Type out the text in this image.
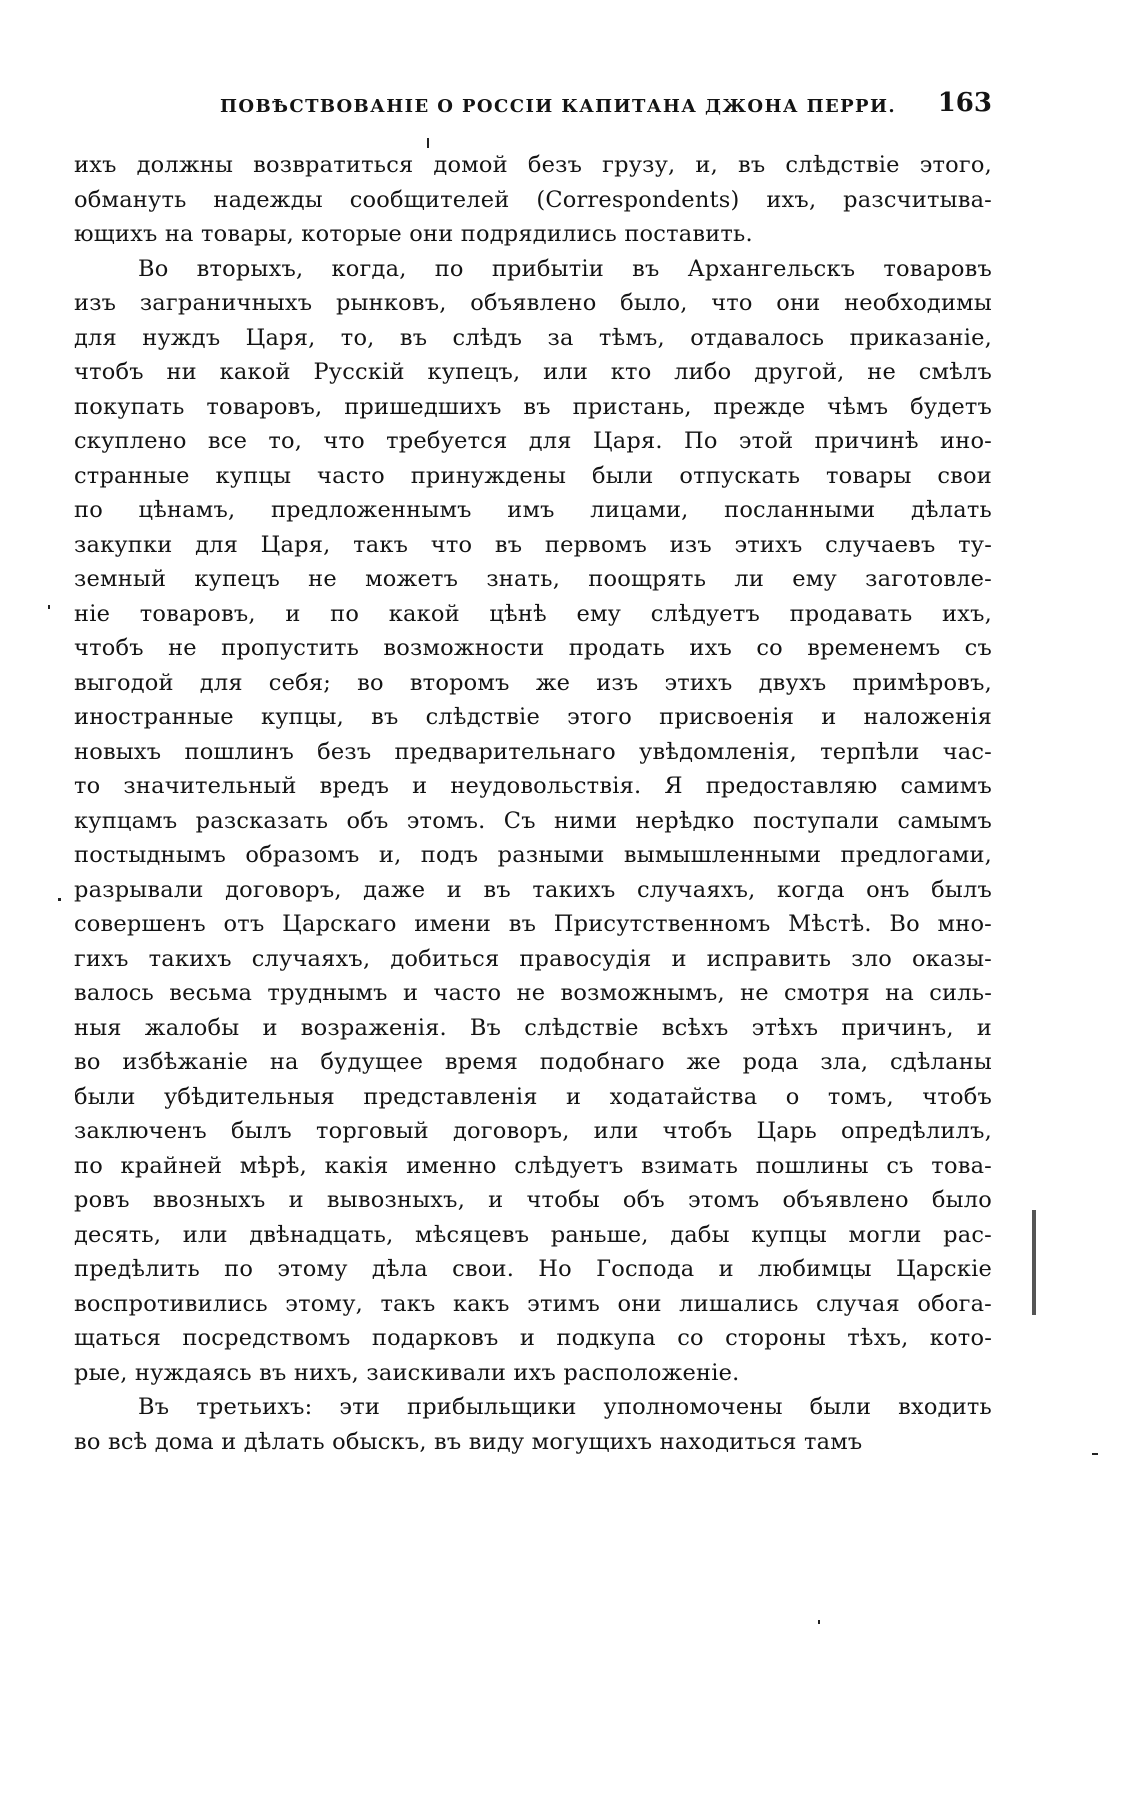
ПОВѢСТВОВАНІЕ О РОССІИ КАПИТАНА ДЖОНА ПЕРРИ. 163
ихъ должны возвратиться домой безъ грузу, и, въ слѣдствіе этого,
обмануть надежды сообщителей (Correspondents) ихъ, разсчитыва-
ющихъ на товары, которые они подрядились поставить.
Во вторыхъ, когда, по прибытіи въ Архангельскъ товаровъ
изъ заграничныхъ рынковъ, объявлено было, что они необходимы
для нуждъ Царя, то, въ слѣдъ за тѣмъ, отдавалось приказаніе,
чтобъ ни какой Русскій купецъ, или кто либо другой, не смѣлъ
покупать товаровъ, пришедшихъ въ пристань, прежде чѣмъ будетъ
скуплено все то, что требуется для Царя. По этой причинѣ ино-
странные купцы часто принуждены были отпускать товары свои
по цѣнамъ, предложеннымъ имъ лицами, посланными дѣлать
закупки для Царя, такъ что въ первомъ изъ этихъ случаевъ ту-
земный купецъ не можетъ знать, поощрять ли ему заготовле-
ніе товаровъ, и по какой цѣнѣ ему слѣдуетъ продавать ихъ,
чтобъ не пропустить возможности продать ихъ со временемъ съ
выгодой для себя; во второмъ же изъ этихъ двухъ примѣровъ,
иностранные купцы, въ слѣдствіе этого присвоенія и наложенія
новыхъ пошлинъ безъ предварительнаго увѣдомленія, терпѣли час-
то значительный вредъ и неудовольствія. Я предоставляю самимъ
купцамъ разсказать объ этомъ. Съ ними нерѣдко поступали самымъ
постыднымъ образомъ и, подъ разными вымышленными предлогами,
разрывали договоръ, даже и въ такихъ случаяхъ, когда онъ былъ
совершенъ отъ Царскаго имени въ Присутственномъ Мѣстѣ. Во мно-
гихъ такихъ случаяхъ, добиться правосудія и исправить зло оказы-
валось весьма труднымъ и часто не возможнымъ, не смотря на силь-
ныя жалобы и возраженія. Въ слѣдствіе всѣхъ этѣхъ причинъ, и
во избѣжаніе на будущее время подобнаго же рода зла, сдѣланы
были убѣдительныя представленія и ходатайства о томъ, чтобъ
заключенъ былъ торговый договоръ, или чтобъ Царь опредѣлилъ,
по крайней мѣрѣ, какія именно слѣдуетъ взимать пошлины съ това-
ровъ ввозныхъ и вывозныхъ, и чтобы объ этомъ объявлено было
десять, или двѣнадцать, мѣсяцевъ раньше, дабы купцы могли рас-
предѣлить по этому дѣла свои. Но Господа и любимцы Царскіе
воспротивились этому, такъ какъ этимъ они лишались случая обога-
щаться посредствомъ подарковъ и подкупа со стороны тѣхъ, кото-
рые, нуждаясь въ нихъ, заискивали ихъ расположеніе.
Въ третьихъ: эти прибыльщики уполномочены были входить
во всѣ дома и дѣлать обыскъ, въ виду могущихъ находиться тамъ
